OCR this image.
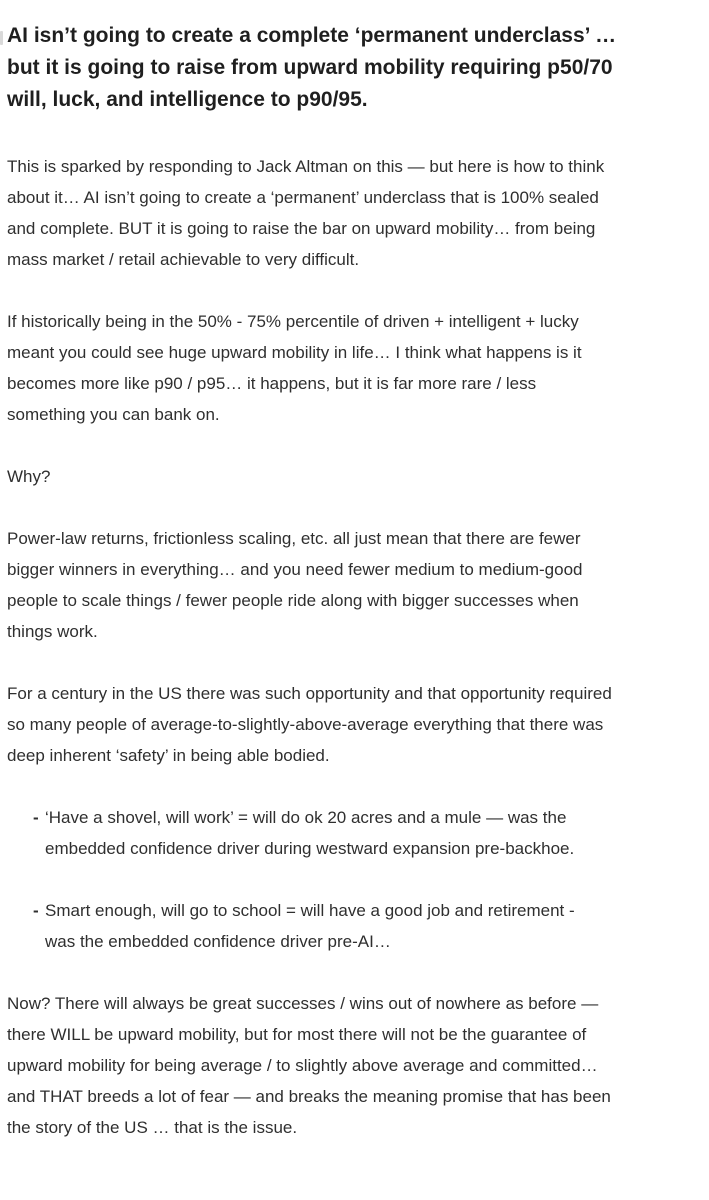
AI isn’t going to create a complete ‘permanent underclass’ … but it is going to raise from upward mobility requiring p50/70 will, luck, and intelligence to p90/95.

This is sparked by responding to Jack Altman on this — but here is how to think about it… AI isn’t going to create a ‘permanent’ underclass that is 100% sealed and complete. BUT it is going to raise the bar on upward mobility… from being mass market / retail achievable to very difficult.

If historically being in the 50% - 75% percentile of driven + intelligent + lucky meant you could see huge upward mobility in life… I think what happens is it becomes more like p90 / p95… it happens, but it is far more rare / less something you can bank on.

Why?

Power-law returns, frictionless scaling, etc. all just mean that there are fewer bigger winners in everything… and you need fewer medium to medium-good people to scale things / fewer people ride along with bigger successes when things work.

For a century in the US there was such opportunity and that opportunity required so many people of average-to-slightly-above-average everything that there was deep inherent ‘safety’ in being able bodied.

- ‘Have a shovel, will work’ = will do ok 20 acres and a mule — was the embedded confidence driver during westward expansion pre-backhoe.
- Smart enough, will go to school = will have a good job and retirement - was the embedded confidence driver pre-AI…

Now? There will always be great successes / wins out of nowhere as before — there WILL be upward mobility, but for most there will not be the guarantee of upward mobility for being average / to slightly above average and committed… and THAT breeds a lot of fear — and breaks the meaning promise that has been the story of the US … that is the issue.
